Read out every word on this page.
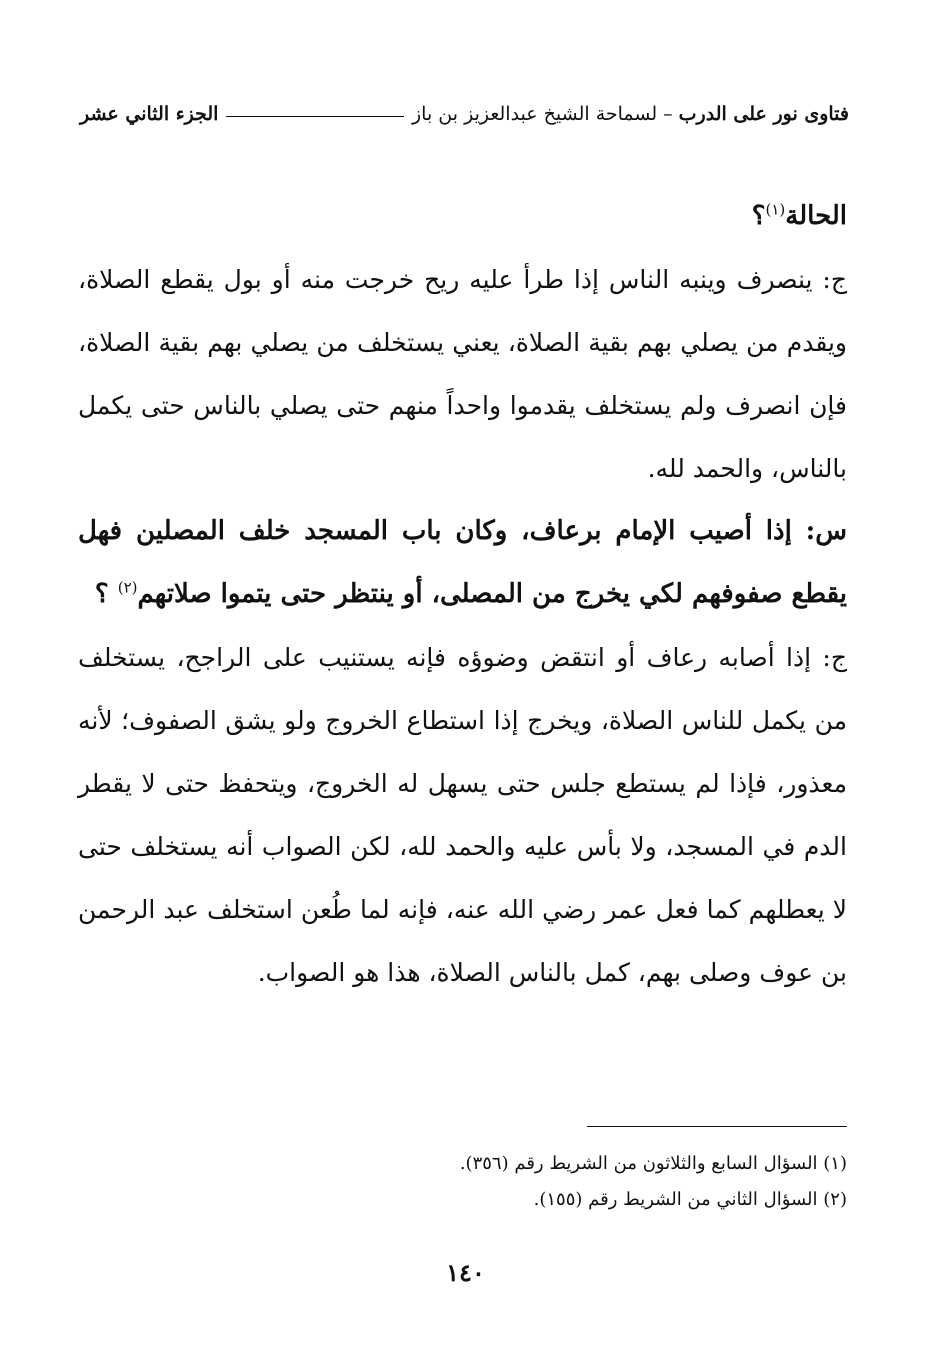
فتاوى نور على الدرب
–
لسماحة الشيخ عبدالعزيز بن باز
الجزء الثاني عشر

الحالة$^{(١)}$؟

ج: ينصرف وينبه الناس إذا طرأ عليه ريح خرجت منه أو بول يقطع الصلاة، ويقدم من يصلي بهم بقية الصلاة، يعني يستخلف من يصلي بهم بقية الصلاة، فإن انصرف ولم يستخلف يقدموا واحداً منهم حتى يصلي بالناس حتى يكمل بالناس، والحمد لله.

س: إذا أصيب الإمام برعاف، وكان باب المسجد خلف المصلين فهل يقطع صفوفهم لكي يخرج من المصلى، أو ينتظر حتى يتموا صلاتهم$^{(٢)}$ ؟

ج: إذا أصابه رعاف أو انتقض وضوؤه فإنه يستنيب على الراجح، يستخلف من يكمل للناس الصلاة، ويخرج إذا استطاع الخروج ولو يشق الصفوف؛ لأنه معذور، فإذا لم يستطع جلس حتى يسهل له الخروج، ويتحفظ حتى لا يقطر الدم في المسجد، ولا بأس عليه والحمد لله، لكن الصواب أنه يستخلف حتى لا يعطلهم كما فعل عمر رضي الله عنه، فإنه لما طُعن استخلف عبد الرحمن بن عوف وصلى بهم، كمل بالناس الصلاة، هذا هو الصواب.

(١) السؤال السابع والثلاثون من الشريط رقم (٣٥٦).

(٢) السؤال الثاني من الشريط رقم (١٥٥).

١٤٠
